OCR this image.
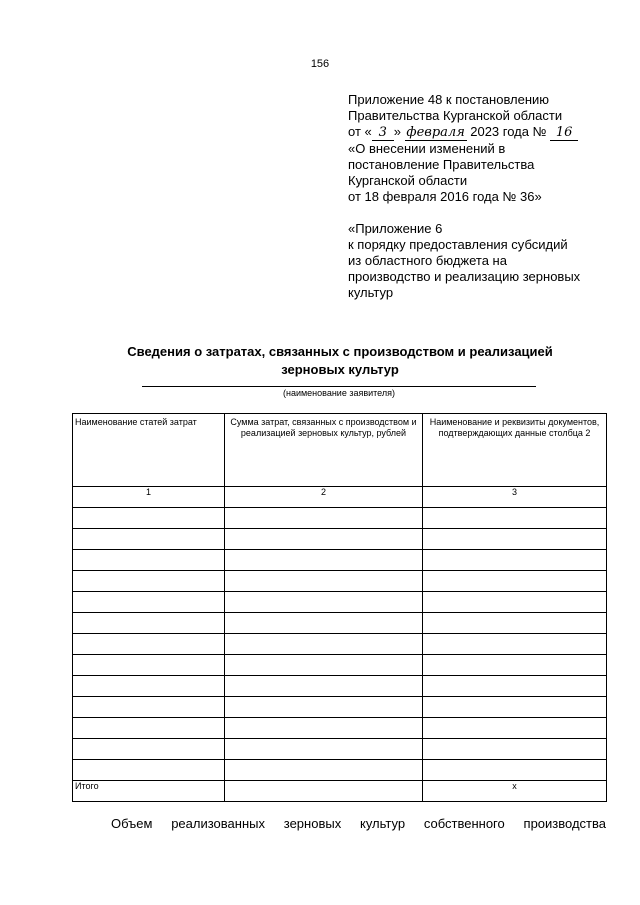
156
Приложение 48 к постановлению
Правительства Курганской области
от « 3 » февраля 2023 года № 16
«О внесении изменений в
постановление Правительства
Курганской области
от 18 февраля 2016 года № 36»
«Приложение 6
к порядку предоставления субсидий
из областного бюджета на
производство и реализацию зерновых
культур
Сведения о затратах, связанных с производством и реализацией
зерновых культур
(наименование заявителя)
Наименование статей затрат	Сумма затрат, связанных с производством и реализацией зерновых культур, рублей	Наименование и реквизиты документов, подтверждающих данные столбца 2
1	2	3

Итого		х
Объем реализованных зерновых культур собственного производства
